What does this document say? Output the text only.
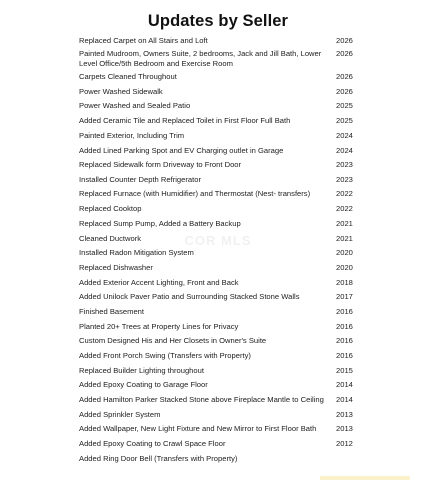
Updates by Seller
COR MLS
Replaced Carpet on All Stairs and Loft	2026
Painted Mudroom, Owners Suite, 2 bedrooms, Jack and Jill Bath, Lower Level Office/5th Bedroom and Exercise Room
2026
Carpets Cleaned Throughout	2026
Power Washed Sidewalk	2026
Power Washed and Sealed Patio	2025
Added Ceramic Tile and Replaced Toilet in First Floor Full Bath	2025
Painted Exterior, Including Trim	2024
Added Lined Parking Spot and EV Charging outlet in Garage	2024
Replaced Sidewalk form Driveway to Front Door	2023
Installed Counter Depth Refrigerator	2023
Replaced Furnace (with Humidifier) and Thermostat (Nest- transfers)	2022
Replaced Cooktop	2022
Replaced Sump Pump, Added a Battery Backup	2021
Cleaned Ductwork	2021
Installed Radon Mitigation System	2020
Replaced Dishwasher	2020
Added Exterior Accent Lighting, Front and Back	2018
Added Unilock Paver Patio and Surrounding Stacked Stone Walls	2017
Finished Basement	2016
Planted 20+ Trees at Property Lines for Privacy	2016
Custom Designed His and Her Closets in Owner's Suite	2016
Added Front Porch Swing (Transfers with Property)	2016
Replaced Builder Lighting throughout	2015
Added Epoxy Coating to Garage Floor	2014
Added Hamilton Parker Stacked Stone above Fireplace Mantle to Ceiling	2014
Added Sprinkler System	2013
Added Wallpaper, New Light Fixture and New Mirror to First Floor Bath	2013
Added Epoxy Coating to Crawl Space Floor	2012
Added Ring Door Bell (Transfers with Property)
